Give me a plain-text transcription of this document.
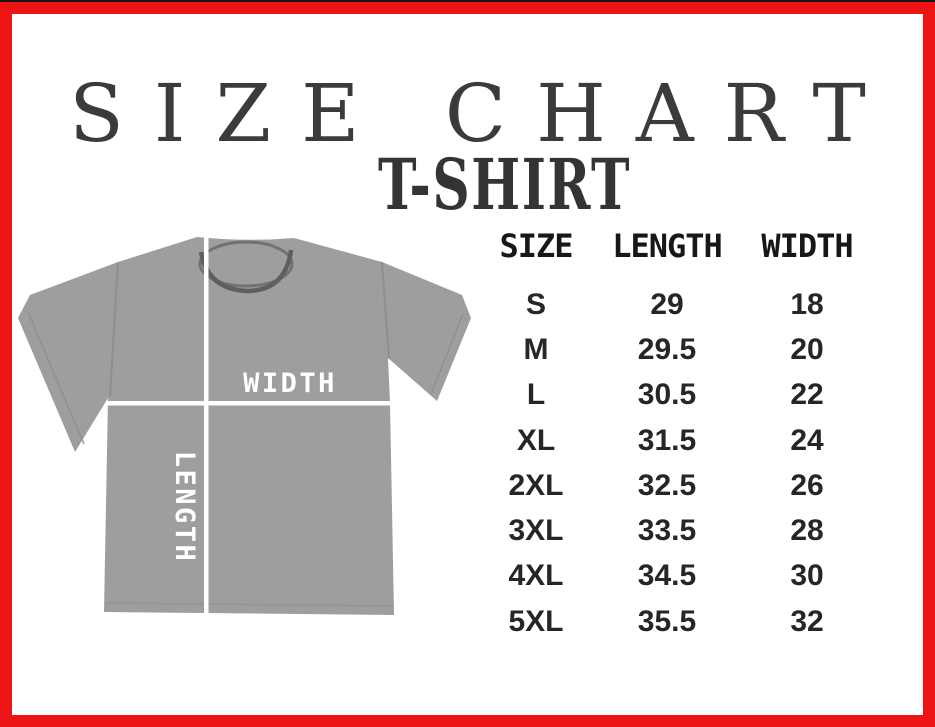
SIZE CHART
T-SHIRT
WIDTH
LENGTH
SIZE	LENGTH	WIDTH
S	29	18
M	29.5	20
L	30.5	22
XL	31.5	24
2XL	32.5	26
3XL	33.5	28
4XL	34.5	30
5XL	35.5	32
